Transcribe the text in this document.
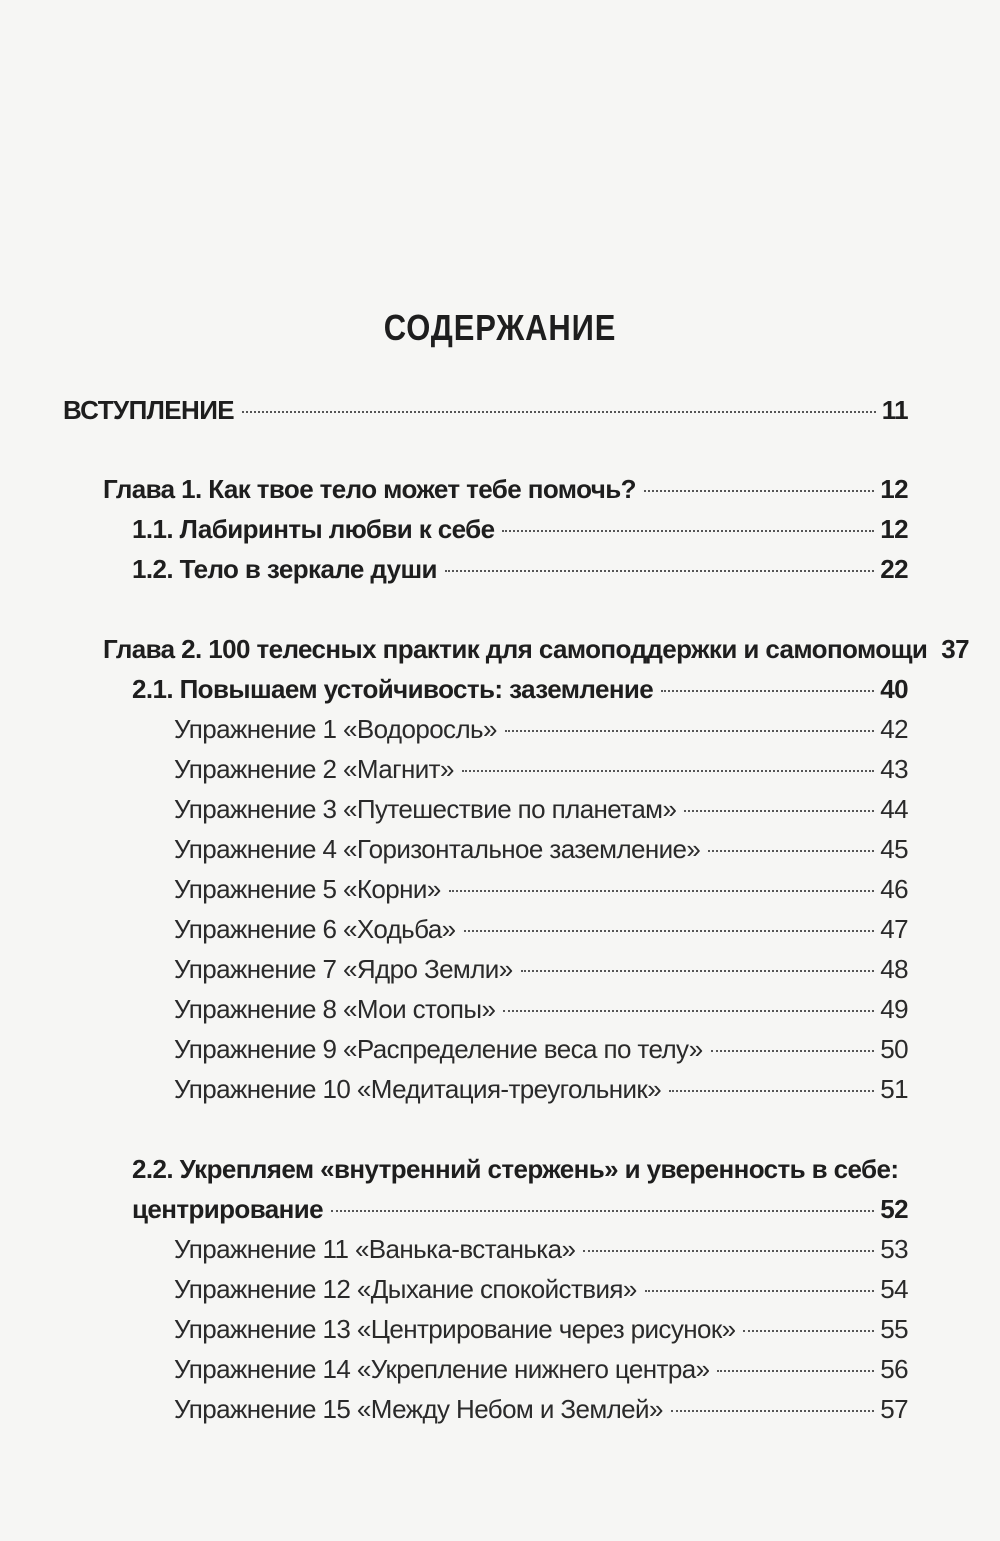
СОДЕРЖАНИЕ
ВСТУПЛЕНИЕ	11
Глава 1. Как твое тело может тебе помочь?	12
1.1. Лабиринты любви к себе	12
1.2. Тело в зеркале души	22
Глава 2. 100 телесных практик для самоподдержки и самопомощи 37
2.1. Повышаем устойчивость: заземление	40
Упражнение 1 «Водоросль»	42
Упражнение 2 «Магнит»	43
Упражнение 3 «Путешествие по планетам»	44
Упражнение 4 «Горизонтальное заземление»	45
Упражнение 5 «Корни»	46
Упражнение 6 «Ходьба»	47
Упражнение 7 «Ядро Земли»	48
Упражнение 8 «Мои стопы»	49
Упражнение 9 «Распределение веса по телу»	50
Упражнение 10 «Медитация-треугольник»	51
2.2. Укрепляем «внутренний стержень» и уверенность в себе:
центрирование	52
Упражнение 11 «Ванька-встанька»	53
Упражнение 12 «Дыхание спокойствия»	54
Упражнение 13 «Центрирование через рисунок»	55
Упражнение 14 «Укрепление нижнего центра»	56
Упражнение 15 «Между Небом и Землей»	57
